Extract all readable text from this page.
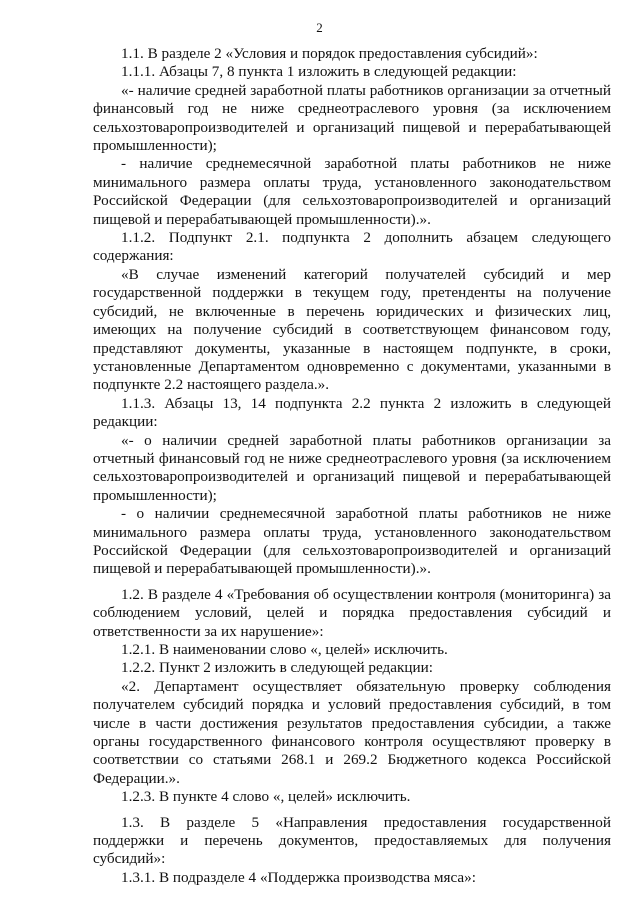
2

1.1. В разделе 2 «Условия и порядок предоставления субсидий»:

1.1.1. Абзацы 7, 8 пункта 1 изложить в следующей редакции:

«- наличие средней заработной платы работников организации за отчетный финансовый год не ниже среднеотраслевого уровня (за исключением сельхозтоваропроизводителей и организаций пищевой и перерабатывающей промышленности);

- наличие среднемесячной заработной платы работников не ниже минимального размера оплаты труда, установленного законодательством Российской Федерации (для сельхозтоваропроизводителей и организаций пищевой и перерабатывающей промышленности).».

1.1.2. Подпункт 2.1. подпункта 2 дополнить абзацем следующего содержания:

«В случае изменений категорий получателей субсидий и мер государственной поддержки в текущем году, претенденты на получение субсидий, не включенные в перечень юридических и физических лиц, имеющих на получение субсидий в соответствующем финансовом году, представляют документы, указанные в настоящем подпункте, в сроки, установленные Департаментом одновременно с документами, указанными в подпункте 2.2 настоящего раздела.».

1.1.3. Абзацы 13, 14 подпункта 2.2 пункта 2 изложить в следующей редакции:

«- о наличии средней заработной платы работников организации за отчетный финансовый год не ниже среднеотраслевого уровня (за исключением сельхозтоваропроизводителей и организаций пищевой и перерабатывающей промышленности);

- о наличии среднемесячной заработной платы работников не ниже минимального размера оплаты труда, установленного законодательством Российской Федерации (для сельхозтоваропроизводителей и организаций пищевой и перерабатывающей промышленности).».

1.2. В разделе 4 «Требования об осуществлении контроля (мониторинга) за соблюдением условий, целей и порядка предоставления субсидий и ответственности за их нарушение»:

1.2.1. В наименовании слово «, целей» исключить.

1.2.2. Пункт 2 изложить в следующей редакции:

«2. Департамент осуществляет обязательную проверку соблюдения получателем субсидий порядка и условий предоставления субсидий, в том числе в части достижения результатов предоставления субсидии, а также органы государственного финансового контроля осуществляют проверку в соответствии со статьями 268.1 и 269.2 Бюджетного кодекса Российской Федерации.».

1.2.3. В пункте 4 слово «, целей» исключить.

1.3. В разделе 5 «Направления предоставления государственной поддержки и перечень документов, предоставляемых для получения субсидий»:

1.3.1. В подразделе 4 «Поддержка производства мяса»:
